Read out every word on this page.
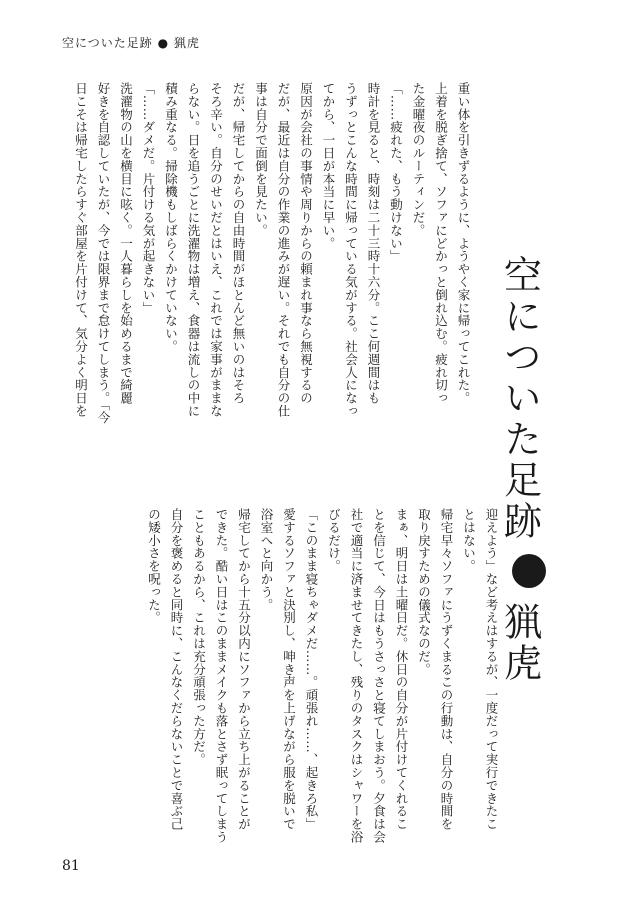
空についた足跡 ● 猟虎
空についた足跡猟虎
重い体を引きずるように、ようやく家に帰ってこれた。
上着を脱ぎ捨て、ソファにどかっと倒れ込む。疲れ切っ
た金曜夜のルーティンだ。
「……疲れた、もう動けない」
時計を見ると、時刻は二十三時十六分。ここ何週間はも
うずっとこんな時間に帰っている気がする。社会人になっ
てから、一日が本当に早い。
原因が会社の事情や周りからの頼まれ事なら無視するの
だが、最近は自分の作業の進みが遅い。それでも自分の仕
事は自分で面倒を見たい。
だが、帰宅してからの自由時間がほとんど無いのはそろ
そろ辛い。自分のせいだとはいえ、これでは家事がままな
らない。日を追うごとに洗濯物は増え、食器は流しの中に
積み重なる。掃除機もしばらくかけていない。
「……ダメだ。片付ける気が起きない」
洗濯物の山を横目に呟く。一人暮らしを始めるまで綺麗
好きを自認していたが、今では限界まで怠けてしまう。「今
日こそは帰宅したらすぐ部屋を片付けて、気分よく明日を
迎えよう」など考えはするが、一度だって実行できたこ
とはない。
帰宅早々ソファにうずくまるこの行動は、自分の時間を
取り戻すための儀式なのだ。
まぁ、明日は土曜日だ。休日の自分が片付けてくれるこ
とを信じて、今日はもうさっさと寝てしまおう。夕食は会
社で適当に済ませてきたし、残りのタスクはシャワーを浴
びるだけ。
「このまま寝ちゃダメだ……。頑張れ……、起きろ私」
愛するソファと決別し、呻き声を上げながら服を脱いで
浴室へと向かう。
帰宅してから十五分以内にソファから立ち上がることが
できた。酷い日はこのままメイクも落とさず眠ってしまう
こともあるから、これは充分頑張った方だ。
自分を褒めると同時に、こんなくだらないことで喜ぶ己
の矮小さを呪った。
81
